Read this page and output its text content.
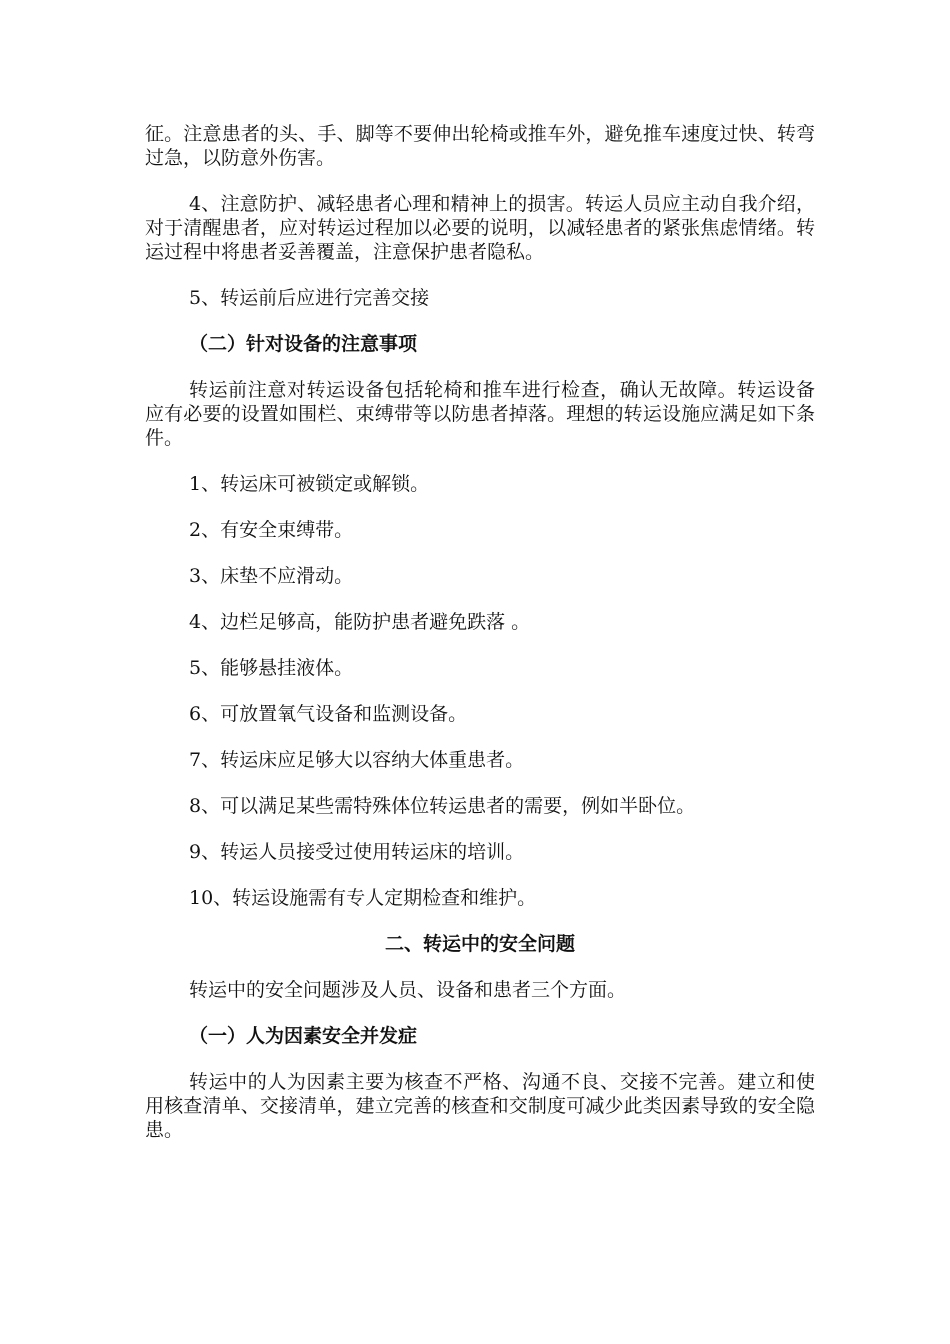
征。注意患者的头、手、脚等不要伸出轮椅或推车外，避免推车速度过快、转弯过急，以防意外伤害。

4、注意防护、减轻患者心理和精神上的损害。转运人员应主动自我介绍，对于清醒患者，应对转运过程加以必要的说明，以减轻患者的紧张焦虑情绪。转运过程中将患者妥善覆盖，注意保护患者隐私。

5、转运前后应进行完善交接

（二）针对设备的注意事项

转运前注意对转运设备包括轮椅和推车进行检查，确认无故障。转运设备应有必要的设置如围栏、束缚带等以防患者掉落。理想的转运设施应满足如下条件。

1、转运床可被锁定或解锁。

2、有安全束缚带。

3、床垫不应滑动。

4、边栏足够高，能防护患者避免跌落 。

5、能够悬挂液体。

6、可放置氧气设备和监测设备。

7、转运床应足够大以容纳大体重患者。

8、可以满足某些需特殊体位转运患者的需要，例如半卧位。

9、转运人员接受过使用转运床的培训。

10、转运设施需有专人定期检查和维护。

二、转运中的安全问题

转运中的安全问题涉及人员、设备和患者三个方面。

（一）人为因素安全并发症

转运中的人为因素主要为核查不严格、沟通不良、交接不完善。建立和使用核查清单、交接清单，建立完善的核查和交制度可减少此类因素导致的安全隐患。
